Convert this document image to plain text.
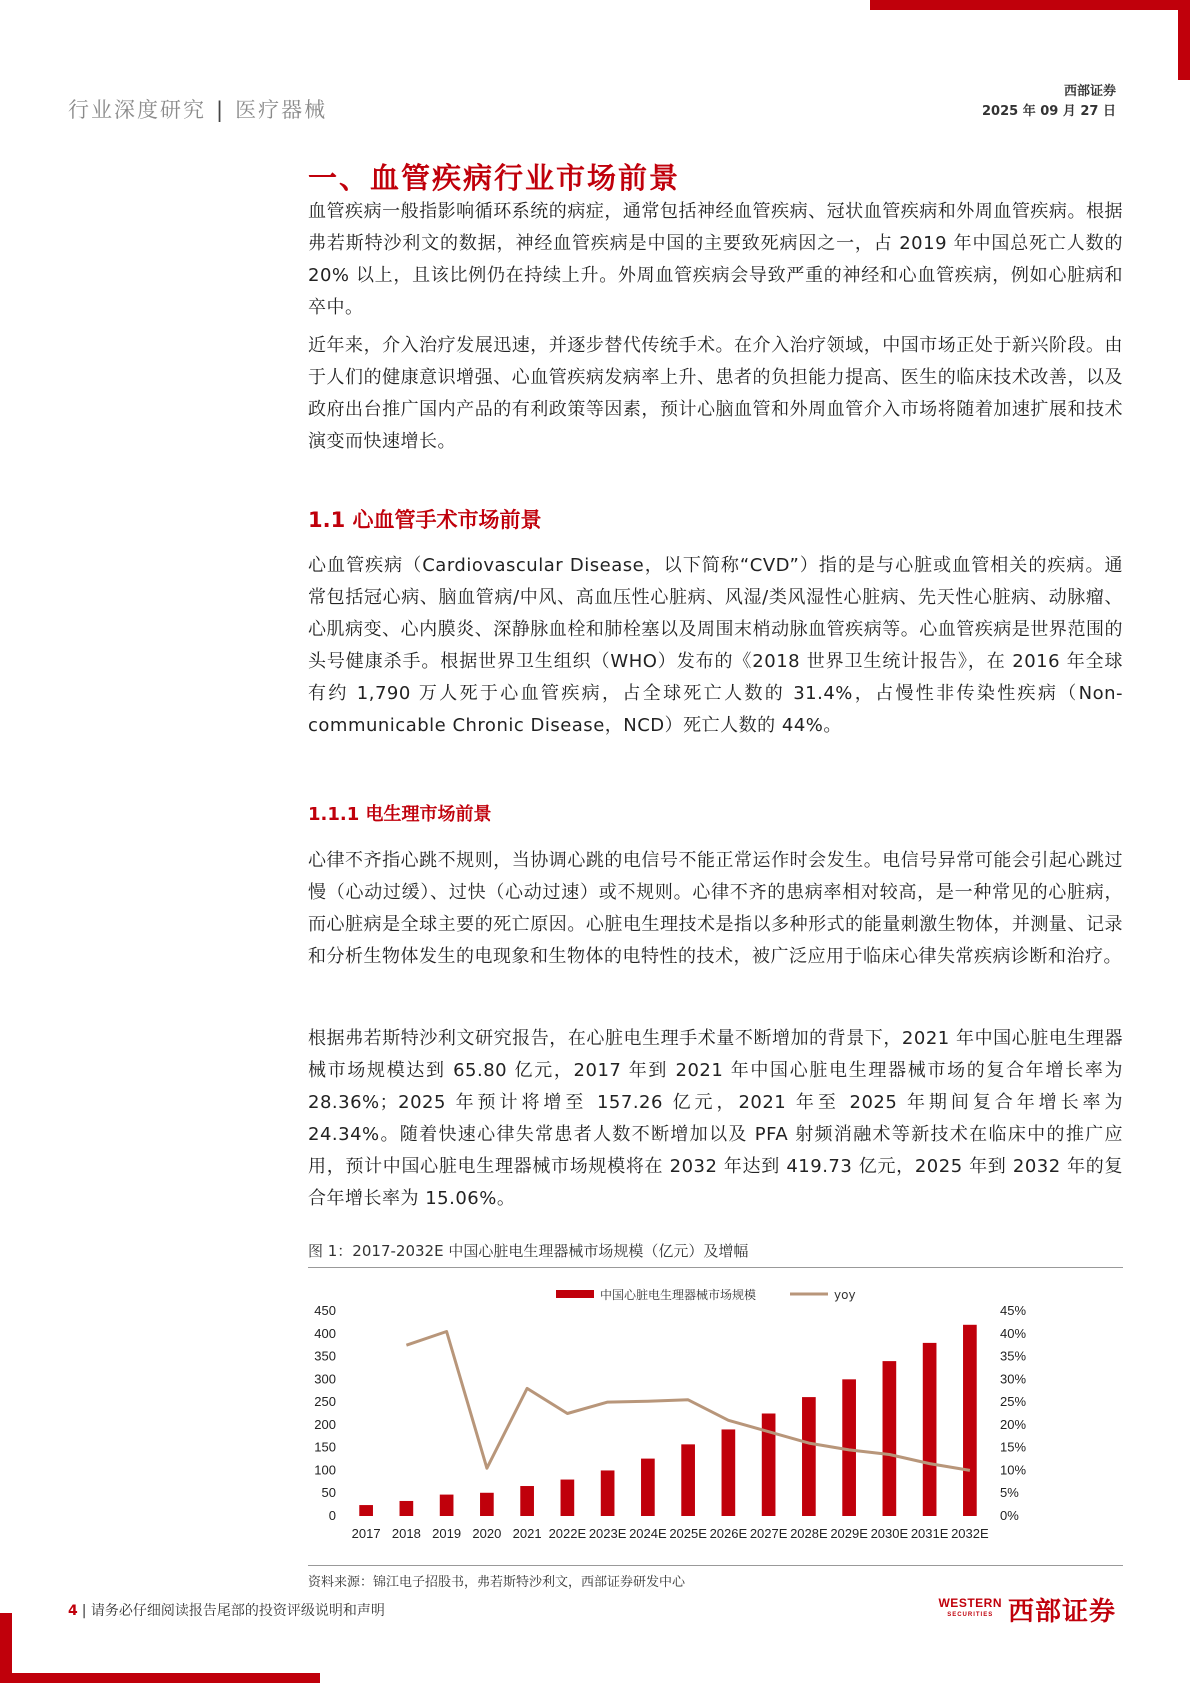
行业深度研究 | 医疗器械
西部证券
2025 年 09 月 27 日
一、血管疾病行业市场前景

血管疾病一般指影响循环系统的病症，通常包括神经血管疾病、冠状血管疾病和外周血管疾病。根据弗若斯特沙利文的数据，神经血管疾病是中国的主要致死病因之一，占 2019 年中国总死亡人数的 20% 以上，且该比例仍在持续上升。外周血管疾病会导致严重的神经和心血管疾病，例如心脏病和卒中。

近年来，介入治疗发展迅速，并逐步替代传统手术。在介入治疗领域，中国市场正处于新兴阶段。由于人们的健康意识增强、心血管疾病发病率上升、患者的负担能力提高、医生的临床技术改善，以及政府出台推广国内产品的有利政策等因素，预计心脑血管和外周血管介入市场将随着加速扩展和技术演变而快速增长。

1.1 心血管手术市场前景

心血管疾病（Cardiovascular Disease，以下简称“CVD”）指的是与心脏或血管相关的疾病。通常包括冠心病、脑血管病/中风、高血压性心脏病、风湿/类风湿性心脏病、先天性心脏病、动脉瘤、心肌病变、心内膜炎、深静脉血栓和肺栓塞以及周围末梢动脉血管疾病等。心血管疾病是世界范围的头号健康杀手。根据世界卫生组织（WHO）发布的《2018 世界卫生统计报告》，在 2016 年全球有约 1,790 万人死于心血管疾病，占全球死亡人数的 31.4%，占慢性非传染性疾病（Non-communicable Chronic Disease，NCD）死亡人数的 44%。

1.1.1 电生理市场前景

心律不齐指心跳不规则，当协调心跳的电信号不能正常运作时会发生。电信号异常可能会引起心跳过慢（心动过缓）、过快（心动过速）或不规则。心律不齐的患病率相对较高，是一种常见的心脏病，而心脏病是全球主要的死亡原因。心脏电生理技术是指以多种形式的能量刺激生物体，并测量、记录和分析生物体发生的电现象和生物体的电特性的技术，被广泛应用于临床心律失常疾病诊断和治疗。

根据弗若斯特沙利文研究报告，在心脏电生理手术量不断增加的背景下，2021 年中国心脏电生理器械市场规模达到 65.80 亿元，2017 年到 2021 年中国心脏电生理器械市场的复合年增长率为 28.36%；2025 年预计将增至 157.26 亿元，2021 年至 2025 年期间复合年增长率为 24.34%。随着快速心律失常患者人数不断增加以及 PFA 射频消融术等新技术在临床中的推广应用，预计中国心脏电生理器械市场规模将在 2032 年达到 419.73 亿元，2025 年到 2032 年的复合年增长率为 15.06%。

图 1：2017-2032E 中国心脏电生理器械市场规模（亿元）及增幅
中国心脏电生理器械市场规模	yoy
0
50
100
150
200
250
300
350
400
450
0%
5%
10%
15%
20%
25%
30%
35%
40%
45%
2017 2018 2019 2020 2021 2022E 2023E 2024E 2025E 2026E 2027E 2028E 2029E 2030E 2031E 2032E
资料来源：锦江电子招股书，弗若斯特沙利文，西部证券研发中心
4 | 请务必仔细阅读报告尾部的投资评级说明和声明	WESTERN
SECURITIES 西部证券
